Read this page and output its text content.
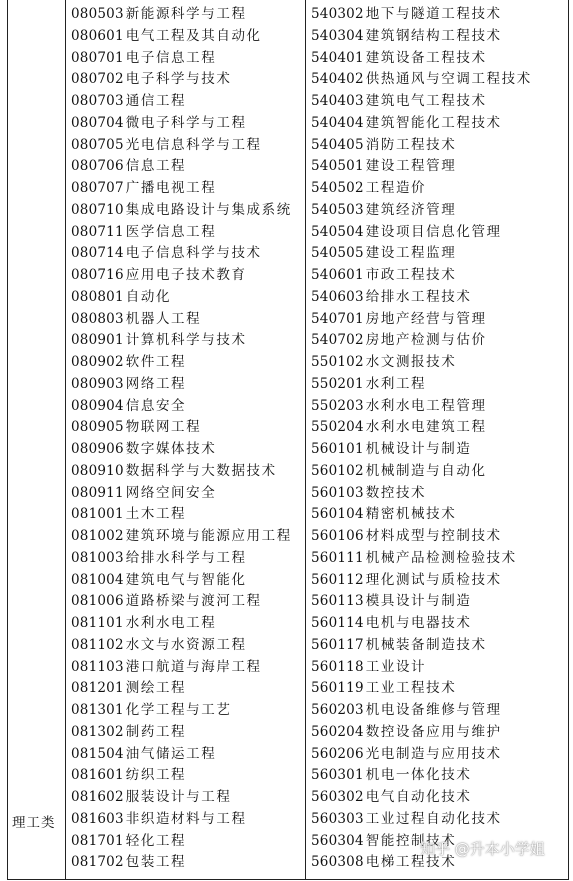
理工类
080503 新能源科学与工程
080601 电气工程及其自动化
080701 电子信息工程
080702 电子科学与技术
080703 通信工程
080704 微电子科学与工程
080705 光电信息科学与工程
080706 信息工程
080707 广播电视工程
080710 集成电路设计与集成系统
080711 医学信息工程
080714 电子信息科学与技术
080716 应用电子技术教育
080801 自动化
080803 机器人工程
080901 计算机科学与技术
080902 软件工程
080903 网络工程
080904 信息安全
080905 物联网工程
080906 数字媒体技术
080910 数据科学与大数据技术
080911 网络空间安全
081001 土木工程
081002 建筑环境与能源应用工程
081003 给排水科学与工程
081004 建筑电气与智能化
081006 道路桥梁与渡河工程
081101 水利水电工程
081102 水文与水资源工程
081103 港口航道与海岸工程
081201 测绘工程
081301 化学工程与工艺
081302 制药工程
081504 油气储运工程
081601 纺织工程
081602 服装设计与工程
081603 非织造材料与工程
081701 轻化工程
081702 包装工程
540302 地下与隧道工程技术
540304 建筑钢结构工程技术
540401 建筑设备工程技术
540402 供热通风与空调工程技术
540403 建筑电气工程技术
540404 建筑智能化工程技术
540405 消防工程技术
540501 建设工程管理
540502 工程造价
540503 建筑经济管理
540504 建设项目信息化管理
540505 建设工程监理
540601 市政工程技术
540603 给排水工程技术
540701 房地产经营与管理
540702 房地产检测与估价
550102 水文测报技术
550201 水利工程
550203 水利水电工程管理
550204 水利水电建筑工程
560101 机械设计与制造
560102 机械制造与自动化
560103 数控技术
560104 精密机械技术
560106 材料成型与控制技术
560111 机械产品检测检验技术
560112 理化测试与质检技术
560113 模具设计与制造
560114 电机与电器技术
560117 机械装备制造技术
560118 工业设计
560119 工业工程技术
560203 机电设备维修与管理
560204 数控设备应用与维护
560206 光电制造与应用技术
560301 机电一体化技术
560302 电气自动化技术
560303 工业过程自动化技术
560304 智能控制技术
560308 电梯工程技术
知乎 @升本小学姐
